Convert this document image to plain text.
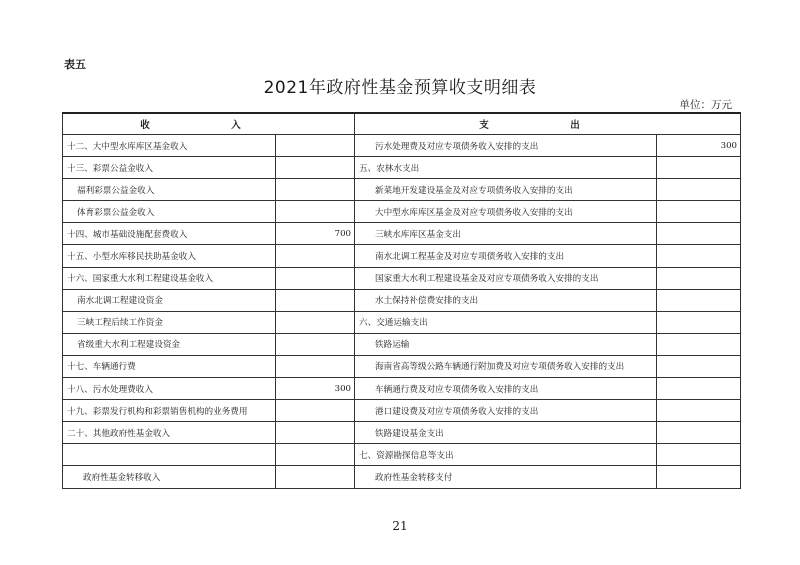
表五
2021年政府性基金预算收支明细表
单位：万元
收　入		支　出	
十二、大中型水库库区基金收入		污水处理费及对应专项债务收入安排的支出	300
十三、彩票公益金收入		五、农林水支出	
福利彩票公益金收入		新菜地开发建设基金及对应专项债务收入安排的支出	
体育彩票公益金收入		大中型水库库区基金及对应专项债务收入安排的支出	
十四、城市基础设施配套费收入	700	三峡水库库区基金支出	
十五、小型水库移民扶助基金收入		南水北调工程基金及对应专项债务收入安排的支出	
十六、国家重大水利工程建设基金收入		国家重大水利工程建设基金及对应专项债务收入安排的支出	
南水北调工程建设资金		水土保持补偿费安排的支出	
三峡工程后续工作资金		六、交通运输支出	
省级重大水利工程建设资金		铁路运输	
十七、车辆通行费		海南省高等级公路车辆通行附加费及对应专项债务收入安排的支出	
十八、污水处理费收入	300	车辆通行费及对应专项债务收入安排的支出	
十九、彩票发行机构和彩票销售机构的业务费用		港口建设费及对应专项债务收入安排的支出	
二十、其他政府性基金收入		铁路建设基金支出	
		七、资源勘探信息等支出	
政府性基金转移收入		政府性基金转移支付	
21
